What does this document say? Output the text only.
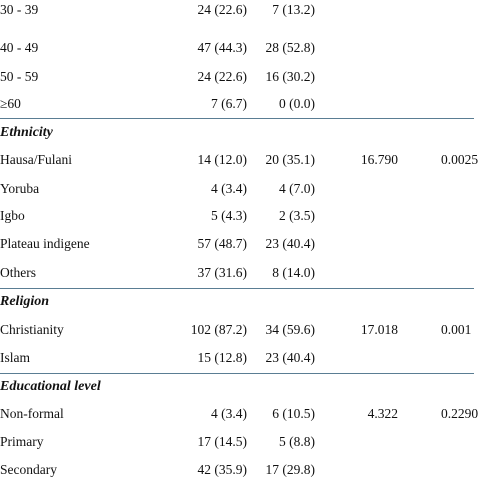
30 - 39	24 (22.6)	7 (13.2)
40 - 49	47 (44.3)	28 (52.8)
50 - 59	24 (22.6)	16 (30.2)
≥60	7 (6.7)	0 (0.0)
Ethnicity
Hausa/Fulani	14 (12.0)	20 (35.1)	16.790	0.0025
Yoruba	4 (3.4)	4 (7.0)
Igbo	5 (4.3)	2 (3.5)
Plateau indigene	57 (48.7)	23 (40.4)
Others	37 (31.6)	8 (14.0)
Religion
Christianity	102 (87.2)	34 (59.6)	17.018	0.001
Islam	15 (12.8)	23 (40.4)
Educational level
Non-formal	4 (3.4)	6 (10.5)	4.322	0.2290
Primary	17 (14.5)	5 (8.8)
Secondary	42 (35.9)	17 (29.8)
